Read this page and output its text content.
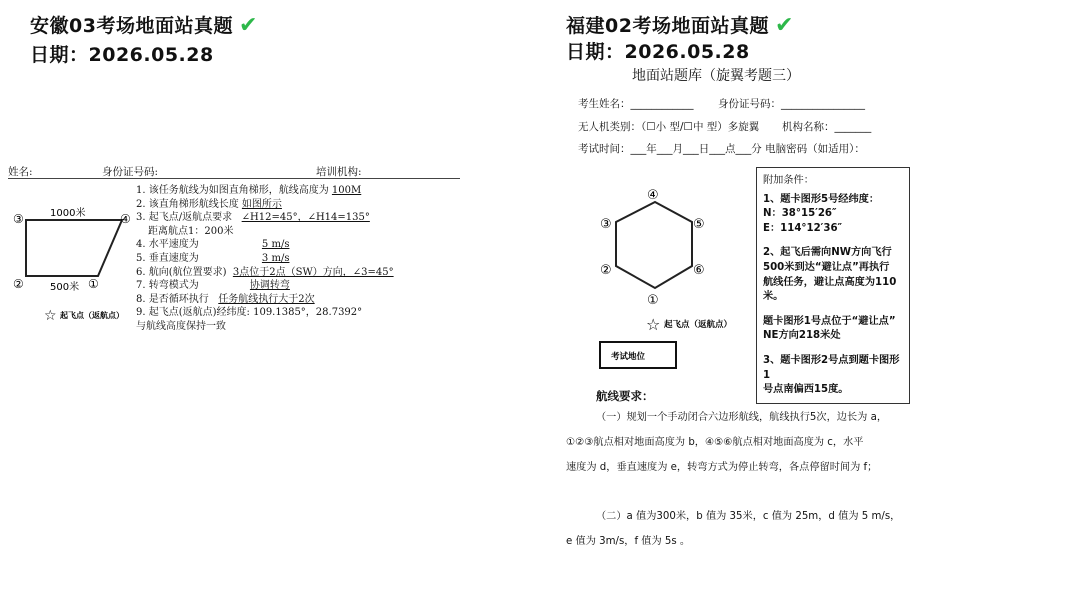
安徽03考场地面站真题 ✔
日期：2026.05.28
姓名:	身份证号码:	培训机构:
1000米
500米
③	④
②	①
☆ 起飞点（返航点）
1. 该任务航线为如图直角梯形，航线高度为 100M
2. 该直角梯形航线长度 如图所示
3. 起飞点/返航点要求 ∠H12=45°，∠H14=135°
距离航点1：200米
4. 水平速度为	5 m/s
5. 垂直速度为	3 m/s
6. 航向(航位置要求) 3点位于2点（SW）方向，∠3=45°
7. 转弯模式为	协调转弯
8. 是否循环执行 任务航线执行大于2次
9. 起飞点(返航点)经纬度: 109.1385°，28.7392°
与航线高度保持一致
福建02考场地面站真题 ✔
日期：2026.05.28
地面站题库（旋翼考题三）
考生姓名：____________ 身份证号码：________________
无人机类别：（☐小 型/☐中 型）多旋翼 机构名称：_______
考试时间：___年___月___日___点___分 电脑密码（如适用）：
④
⑤
⑥
①
②
③
☆ 起飞点（返航点）
考试地位
附加条件：
1、题卡图形5号经纬度：
N：38°15′26″
E：114°12′36″
2、起飞后需向NW方向飞行
500米到达“避让点”再执行
航线任务，避让点高度为110米。
题卡图形1号点位于“避让点”
NE方向218米处
3、题卡图形2号点到题卡图形1
号点南偏西15度。
航线要求：
（一）规划一个手动闭合六边形航线，航线执行5次，边长为 a，
①②③航点相对地面高度为 b，④⑤⑥航点相对地面高度为 c，水平
速度为 d，垂直速度为 e，转弯方式为停止转弯，各点停留时间为 f；
（二）a 值为300米，b 值为 35米，c 值为 25m，d 值为 5 m/s，
e 值为 3m/s，f 值为 5s 。
